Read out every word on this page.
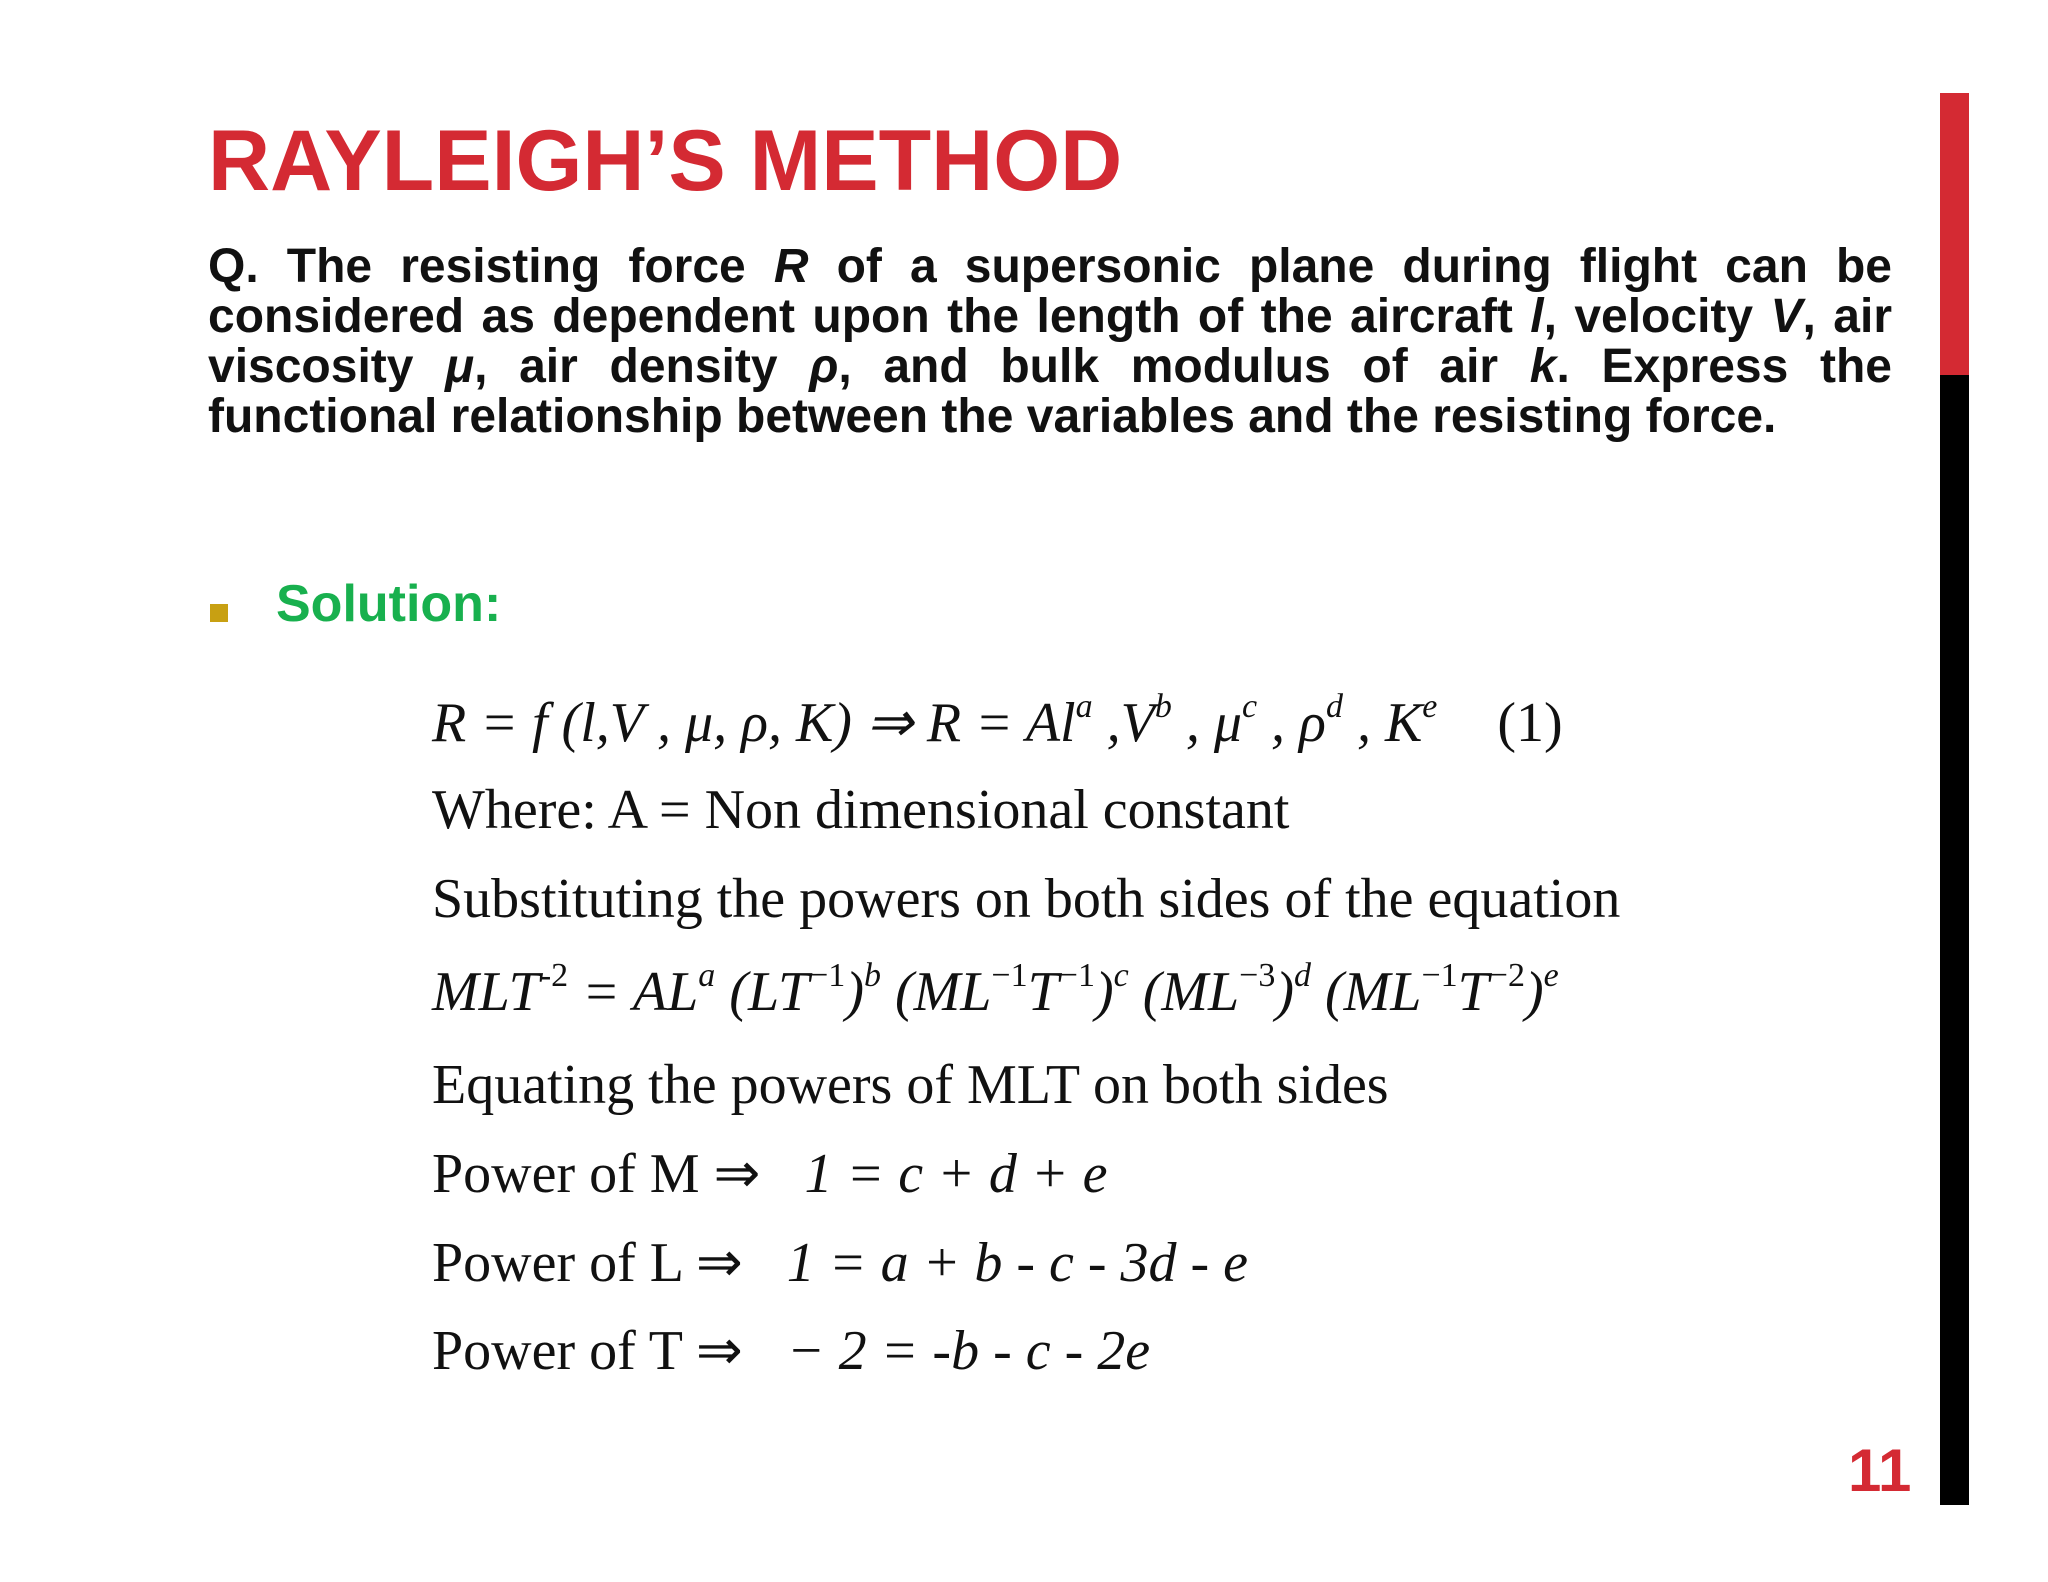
RAYLEIGH’S METHOD

Q. The resisting force R of a supersonic plane during flight can be considered as dependent upon the length of the aircraft l, velocity V, air viscosity μ, air density ρ, and bulk modulus of air k. Express the functional relationship between the variables and the resisting force.

Solution:
R = f (l,V , μ, ρ, K) ⇒ $R = Al^a$ $,V^b$ , $\mu^c$ , $\rho^d$ , $K^e$ (1)
Where: A = Non dimensional constant
Substituting the powers on both sides of the equation
$MLT^{-2} = AL^a$ $(LT^{-1})^b$ $(ML^{-1}T^{-1})^c$ $(ML^{-3})^d$ $(ML^{-1}T^{-2})^e$
Equating the powers of MLT on both sides
Power of M ⇒ 1 = c + d + e
Power of L ⇒ 1 = a + b - c - 3d - e
Power of T ⇒ − 2 = -b - c - 2e
11
